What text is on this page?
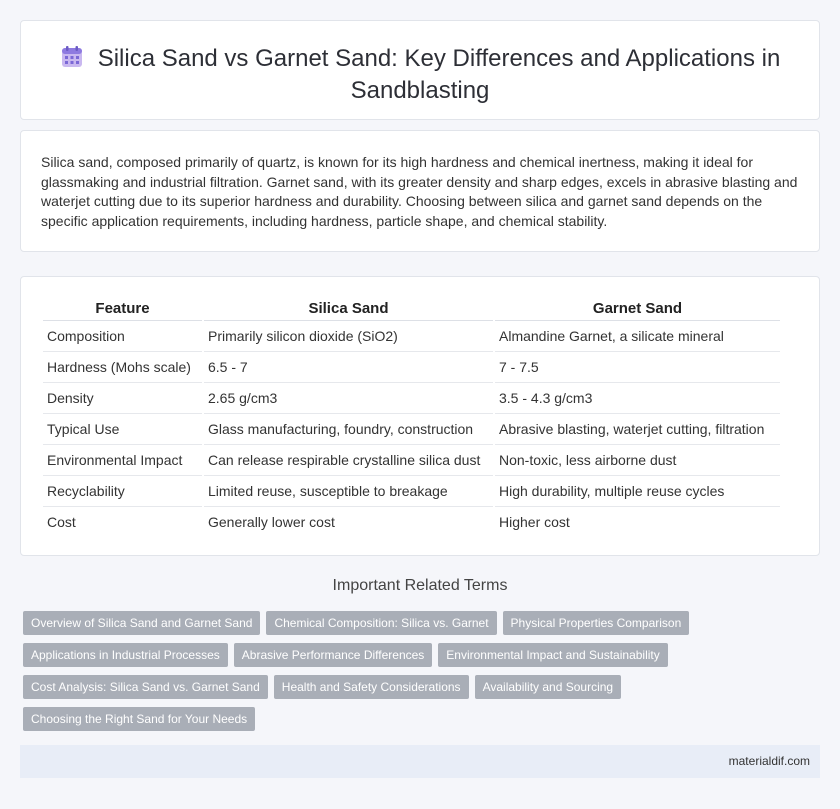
Silica Sand vs Garnet Sand: Key Differences and Applications in Sandblasting

Silica sand, composed primarily of quartz, is known for its high hardness and chemical inertness, making it ideal for glassmaking and industrial filtration. Garnet sand, with its greater density and sharp edges, excels in abrasive blasting and waterjet cutting due to its superior hardness and durability. Choosing between silica and garnet sand depends on the specific application requirements, including hardness, particle shape, and chemical stability.

Feature	Silica Sand	Garnet Sand
Composition	Primarily silicon dioxide (SiO2)	Almandine Garnet, a silicate mineral
Hardness (Mohs scale)	6.5 - 7	7 - 7.5
Density	2.65 g/cm3	3.5 - 4.3 g/cm3
Typical Use	Glass manufacturing, foundry, construction	Abrasive blasting, waterjet cutting, filtration
Environmental Impact	Can release respirable crystalline silica dust	Non-toxic, less airborne dust
Recyclability	Limited reuse, susceptible to breakage	High durability, multiple reuse cycles
Cost	Generally lower cost	Higher cost
Important Related Terms
Overview of Silica Sand and Garnet Sand Chemical Composition: Silica vs. Garnet Physical Properties Comparison
Applications in Industrial Processes Abrasive Performance Differences Environmental Impact and Sustainability
Cost Analysis: Silica Sand vs. Garnet Sand Health and Safety Considerations Availability and Sourcing
Choosing the Right Sand for Your Needs
materialdif.com
